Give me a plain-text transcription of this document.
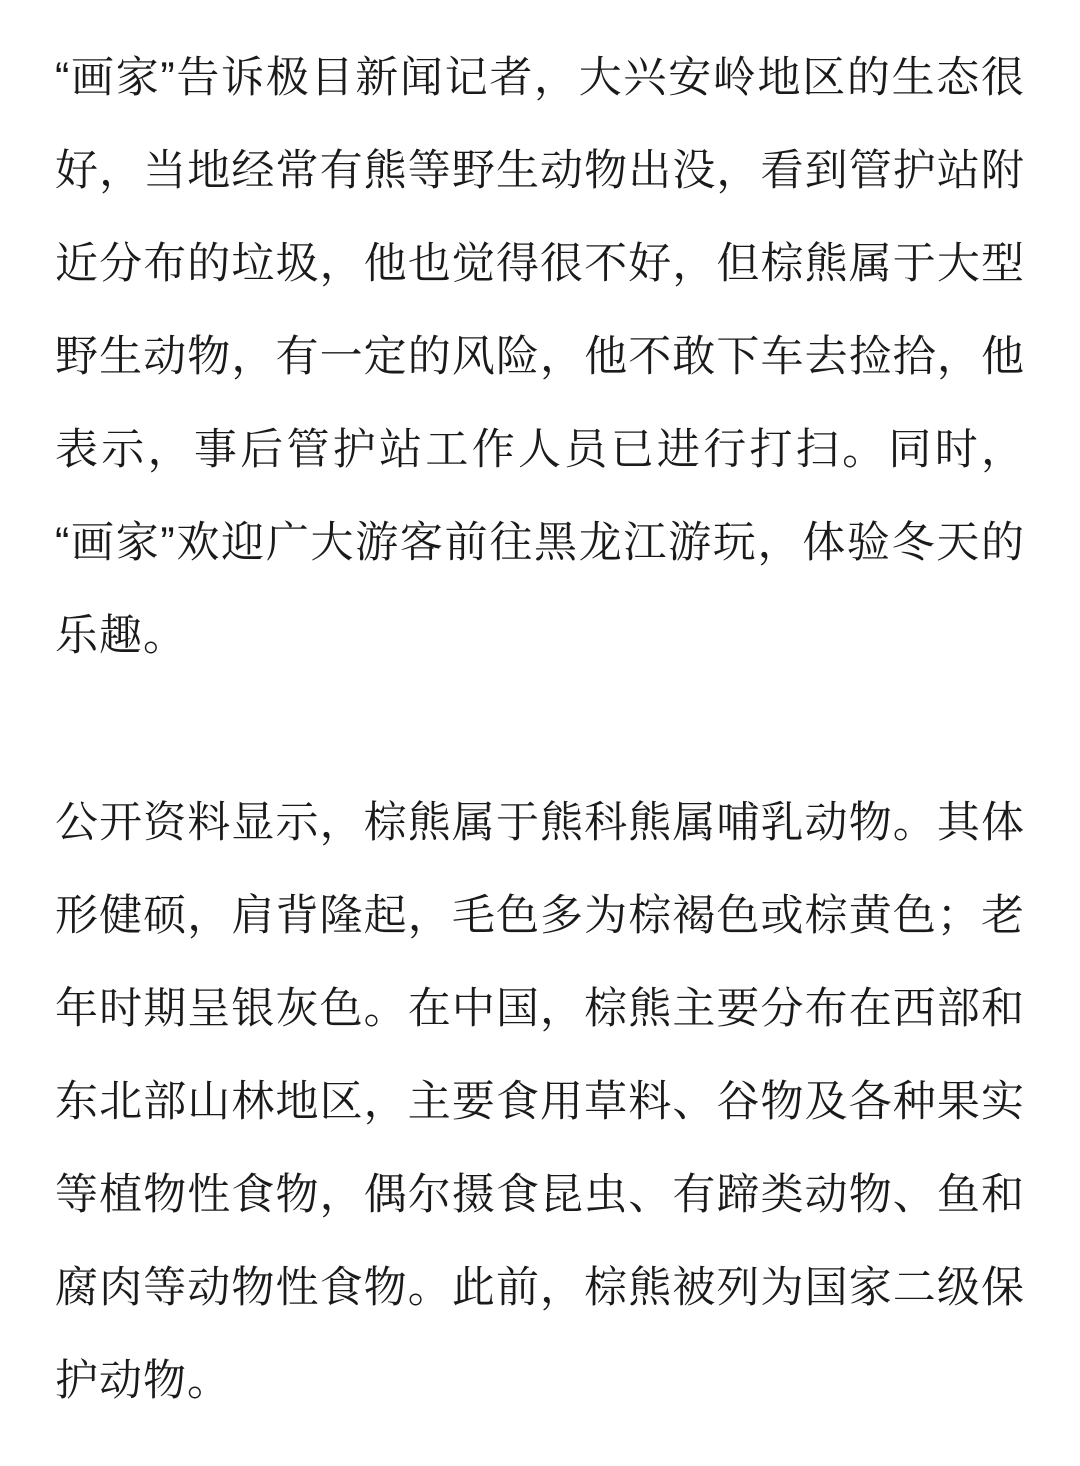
“画家”告诉极目新闻记者，大兴安岭地区的生态很好，当地经常有熊等野生动物出没，看到管护站附近分布的垃圾，他也觉得很不好，但棕熊属于大型野生动物，有一定的风险，他不敢下车去捡拾，他表示，事后管护站工作人员已进行打扫。同时，“画家”欢迎广大游客前往黑龙江游玩，体验冬天的乐趣。

公开资料显示，棕熊属于熊科熊属哺乳动物。其体形健硕，肩背隆起，毛色多为棕褐色或棕黄色；老年时期呈银灰色。在中国，棕熊主要分布在西部和东北部山林地区，主要食用草料、谷物及各种果实等植物性食物，偶尔摄食昆虫、有蹄类动物、鱼和腐肉等动物性食物。此前，棕熊被列为国家二级保护动物。
